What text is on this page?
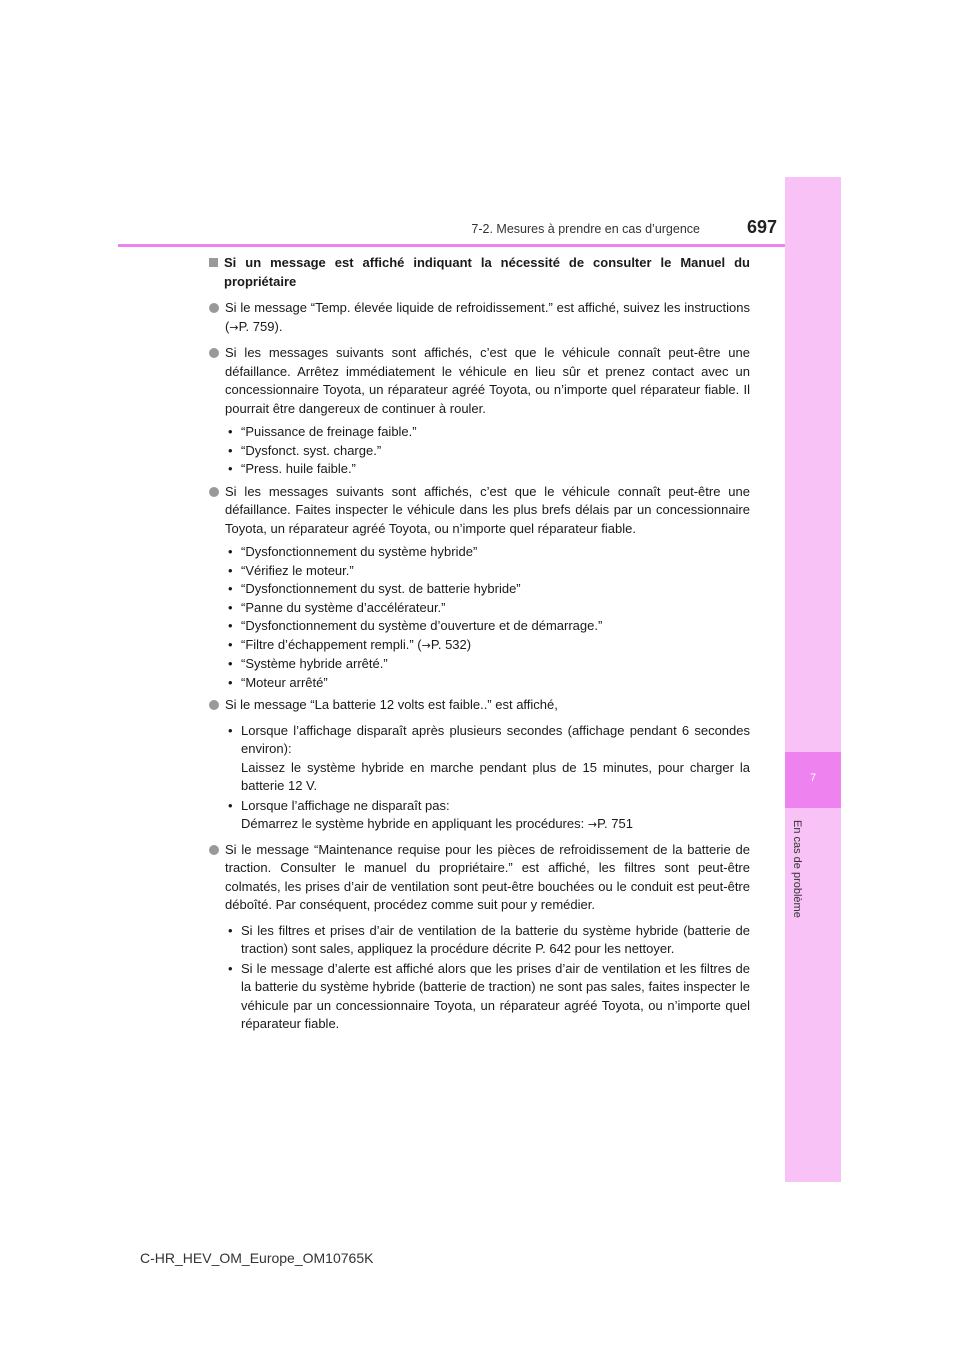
7
En cas de problème
7-2. Mesures à prendre en cas d’urgence	697
Si un message est affiché indiquant la nécessité de consulter le Manuel du propriétaire
Si le message “Temp. élevée liquide de refroidissement.” est affiché, suivez les instructions (→P. 759).
Si les messages suivants sont affichés, c’est que le véhicule connaît peut-être une défaillance. Arrêtez immédiatement le véhicule en lieu sûr et prenez contact avec un concessionnaire Toyota, un réparateur agréé Toyota, ou n’importe quel réparateur fiable. Il pourrait être dangereux de continuer à rouler.
• “Puissance de freinage faible.”
• “Dysfonct. syst. charge.”
• “Press. huile faible.”
Si les messages suivants sont affichés, c’est que le véhicule connaît peut-être une défaillance. Faites inspecter le véhicule dans les plus brefs délais par un concessionnaire Toyota, un réparateur agréé Toyota, ou n’importe quel réparateur fiable.
• “Dysfonctionnement du système hybride”
• “Vérifiez le moteur.”
• “Dysfonctionnement du syst. de batterie hybride”
• “Panne du système d’accélérateur.”
• “Dysfonctionnement du système d’ouverture et de démarrage.”
• “Filtre d’échappement rempli.” (→P. 532)
• “Système hybride arrêté.”
• “Moteur arrêté”
Si le message “La batterie 12 volts est faible..” est affiché,
• Lorsque l’affichage disparaît après plusieurs secondes (affichage pendant 6 secondes environ):
Laissez le système hybride en marche pendant plus de 15 minutes, pour charger la batterie 12 V.
• Lorsque l’affichage ne disparaît pas:
Démarrez le système hybride en appliquant les procédures: →P. 751
Si le message “Maintenance requise pour les pièces de refroidissement de la batterie de traction. Consulter le manuel du propriétaire.” est affiché, les filtres sont peut-être colmatés, les prises d’air de ventilation sont peut-être bouchées ou le conduit est peut-être déboîté. Par conséquent, procédez comme suit pour y remédier.
• Si les filtres et prises d’air de ventilation de la batterie du système hybride (batterie de traction) sont sales, appliquez la procédure décrite P. 642 pour les nettoyer.
• Si le message d’alerte est affiché alors que les prises d’air de ventilation et les filtres de la batterie du système hybride (batterie de traction) ne sont pas sales, faites inspecter le véhicule par un concessionnaire Toyota, un réparateur agréé Toyota, ou n’importe quel réparateur fiable.
C-HR_HEV_OM_Europe_OM10765K
